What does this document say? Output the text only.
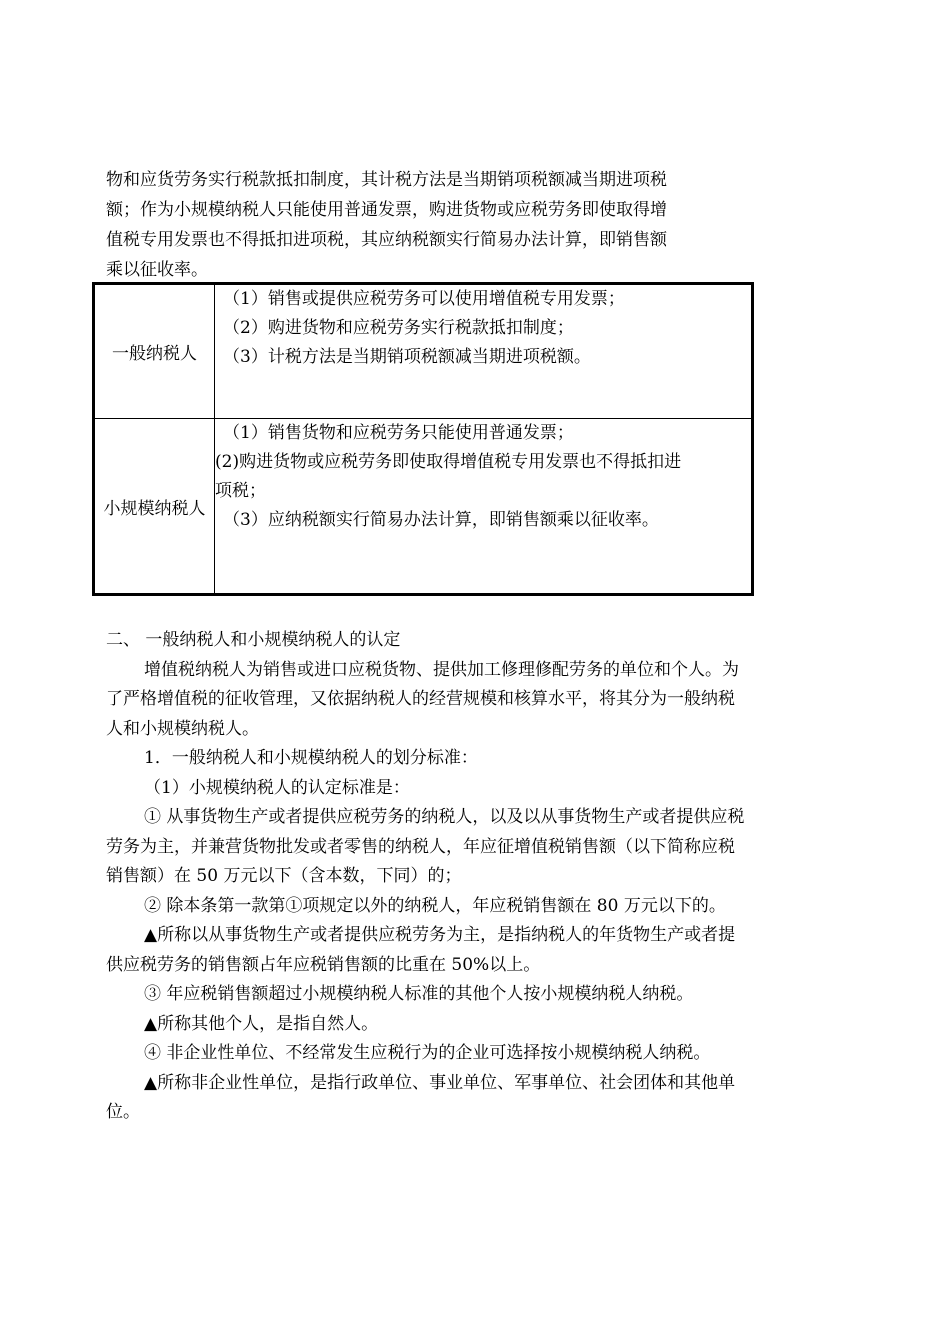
物和应货劳务实行税款抵扣制度，其计税方法是当期销项税额减当期进项税
额；作为小规模纳税人只能使用普通发票，购进货物或应税劳务即使取得增
值税专用发票也不得抵扣进项税，其应纳税额实行简易办法计算，即销售额
乘以征收率。
一般纳税人	（1）销售或提供应税劳务可以使用增值税专用发票；

（2）购进货物和应税劳务实行税款抵扣制度；

（3）计税方法是当期销项税额减当期进项税额。

小规模纳税人	（1）销售货物和应税劳务只能使用普通发票；

(2)购进货物或应税劳务即使取得增值税专用发票也不得抵扣进

项税；

（3）应纳税额实行简易办法计算，即销售额乘以征收率。

二、 一般纳税人和小规模纳税人的认定

增值税纳税人为销售或进口应税货物、提供加工修理修配劳务的单位和个人。为了严格增值税的征收管理，又依据纳税人的经营规模和核算水平，将其分为一般纳税人和小规模纳税人。

1．一般纳税人和小规模纳税人的划分标准：

（1）小规模纳税人的认定标准是：

① 从事货物生产或者提供应税劳务的纳税人，以及以从事货物生产或者提供应税劳务为主，并兼营货物批发或者零售的纳税人，年应征增值税销售额（以下简称应税销售额）在 50 万元以下（含本数，下同）的；

② 除本条第一款第①项规定以外的纳税人，年应税销售额在 80 万元以下的。

▲所称以从事货物生产或者提供应税劳务为主，是指纳税人的年货物生产或者提供应税劳务的销售额占年应税销售额的比重在 50%以上。

③ 年应税销售额超过小规模纳税人标准的其他个人按小规模纳税人纳税。

▲所称其他个人，是指自然人。

④ 非企业性单位、不经常发生应税行为的企业可选择按小规模纳税人纳税。

▲所称非企业性单位，是指行政单位、事业单位、军事单位、社会团体和其他单位。
